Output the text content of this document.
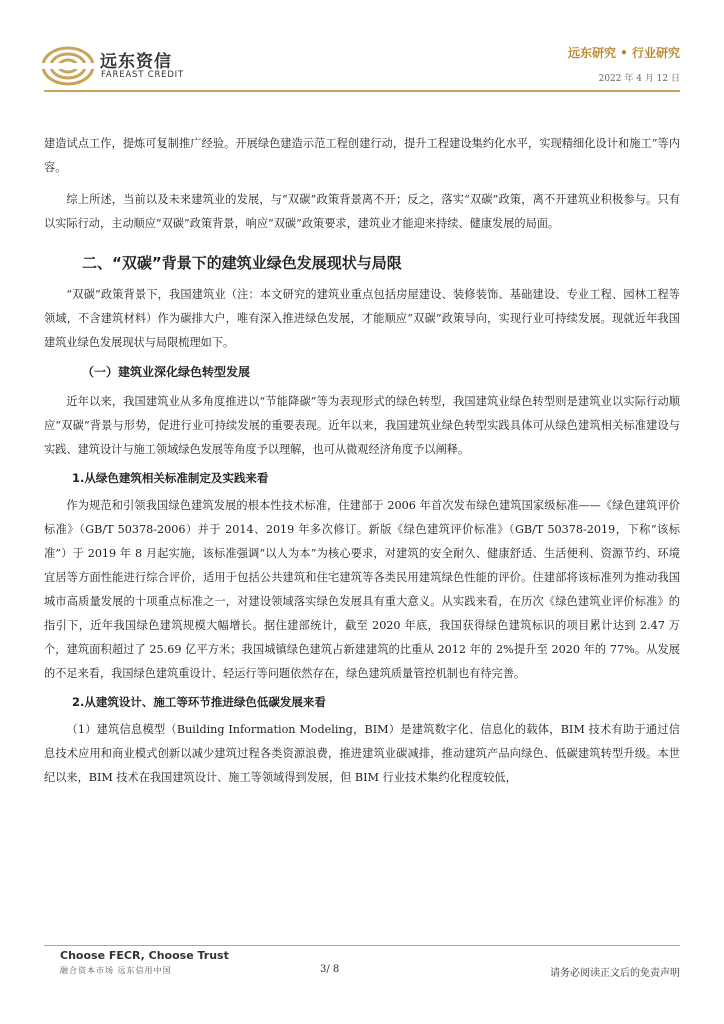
远东资信
FAREAST CREDIT
远东研究 • 行业研究
2022 年 4 月 12 日

建造试点工作，提炼可复制推广经验。开展绿色建造示范工程创建行动，提升工程建设集约化水平，实现精细化设计和施工”等内容。

综上所述，当前以及未来建筑业的发展，与“双碳”政策背景离不开；反之，落实“双碳”政策，离不开建筑业积极参与。只有以实际行动，主动顺应“双碳”政策背景，响应“双碳”政策要求，建筑业才能迎来持续、健康发展的局面。

二、“双碳”背景下的建筑业绿色发展现状与局限

“双碳”政策背景下，我国建筑业（注：本文研究的建筑业重点包括房屋建设、装修装饰、基础建设、专业工程、园林工程等领域，不含建筑材料）作为碳排大户，唯有深入推进绿色发展，才能顺应“双碳”政策导向，实现行业可持续发展。现就近年我国建筑业绿色发展现状与局限梳理如下。

（一）建筑业深化绿色转型发展

近年以来，我国建筑业从多角度推进以“节能降碳”等为表现形式的绿色转型，我国建筑业绿色转型则是建筑业以实际行动顺应“双碳”背景与形势，促进行业可持续发展的重要表现。近年以来，我国建筑业绿色转型实践具体可从绿色建筑相关标准建设与实践、建筑设计与施工领域绿色发展等角度予以理解，也可从微观经济角度予以阐释。

1.从绿色建筑相关标准制定及实践来看

作为规范和引领我国绿色建筑发展的根本性技术标准，住建部于 2006 年首次发布绿色建筑国家级标准——《绿色建筑评价标准》（GB/T 50378-2006）并于 2014、2019 年多次修订。新版《绿色建筑评价标准》（GB/T 50378-2019，下称“该标准”）于 2019 年 8 月起实施，该标准强调“以人为本”为核心要求，对建筑的安全耐久、健康舒适、生活便利、资源节约、环境宜居等方面性能进行综合评价，适用于包括公共建筑和住宅建筑等各类民用建筑绿色性能的评价。住建部将该标准列为推动我国城市高质量发展的十项重点标准之一，对建设领域落实绿色发展具有重大意义。从实践来看，在历次《绿色建筑业评价标准》的指引下，近年我国绿色建筑规模大幅增长。据住建部统计，截至 2020 年底，我国获得绿色建筑标识的项目累计达到 2.47 万个，建筑面积超过了 25.69 亿平方米；我国城镇绿色建筑占新建建筑的比重从 2012 年的 2%提升至 2020 年的 77%。从发展的不足来看，我国绿色建筑重设计、轻运行等问题依然存在，绿色建筑质量管控机制也有待完善。

2.从建筑设计、施工等环节推进绿色低碳发展来看

（1）建筑信息模型（Building Information Modeling，BIM）是建筑数字化、信息化的载体，BIM 技术有助于通过信息技术应用和商业模式创新以减少建筑过程各类资源浪费，推进建筑业碳减排，推动建筑产品向绿色、低碳建筑转型升级。本世纪以来，BIM 技术在我国建筑设计、施工等领域得到发展，但 BIM 行业技术集约化程度较低，

Choose FECR, Choose Trust
融合资本市场 远东信用中国	3/ 8	请务必阅读正文后的免责声明
